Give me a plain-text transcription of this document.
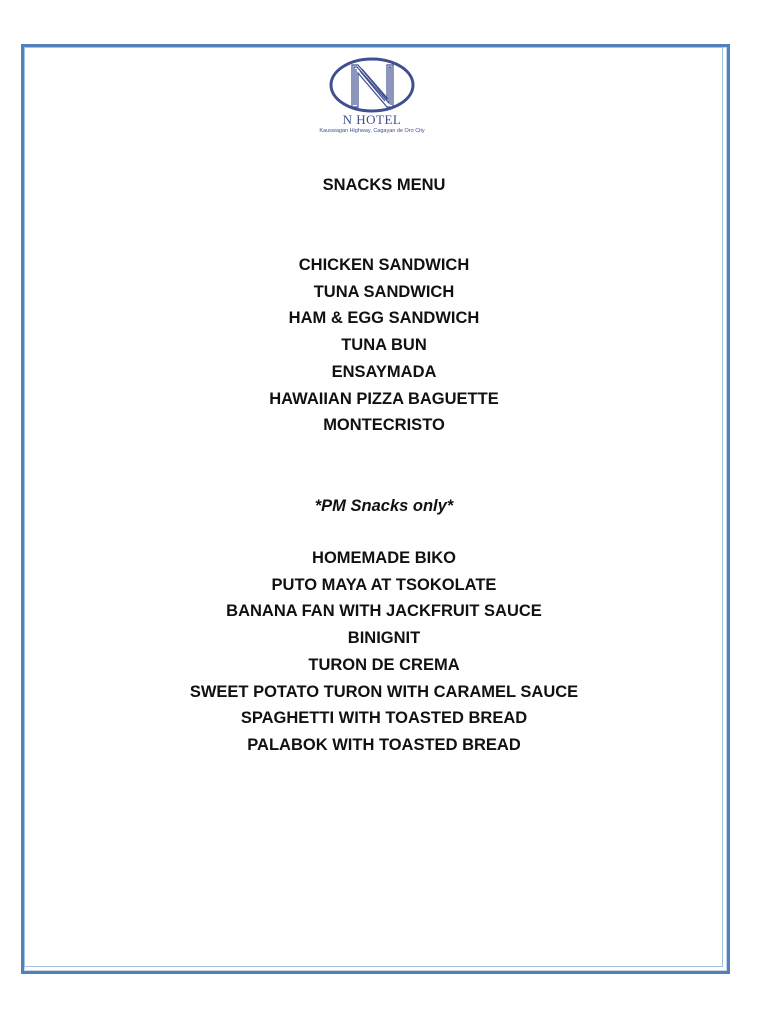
N HOTEL
Kauswagan Highway, Cagayan de Oro City
SNACKS MENU
CHICKEN SANDWICH
TUNA SANDWICH
HAM & EGG SANDWICH
TUNA BUN
ENSAYMADA
HAWAIIAN PIZZA BAGUETTE
MONTECRISTO
*PM Snacks only*
HOMEMADE BIKO
PUTO MAYA AT TSOKOLATE
BANANA FAN WITH JACKFRUIT SAUCE
BINIGNIT
TURON DE CREMA
SWEET POTATO TURON WITH CARAMEL SAUCE
SPAGHETTI WITH TOASTED BREAD
PALABOK WITH TOASTED BREAD
